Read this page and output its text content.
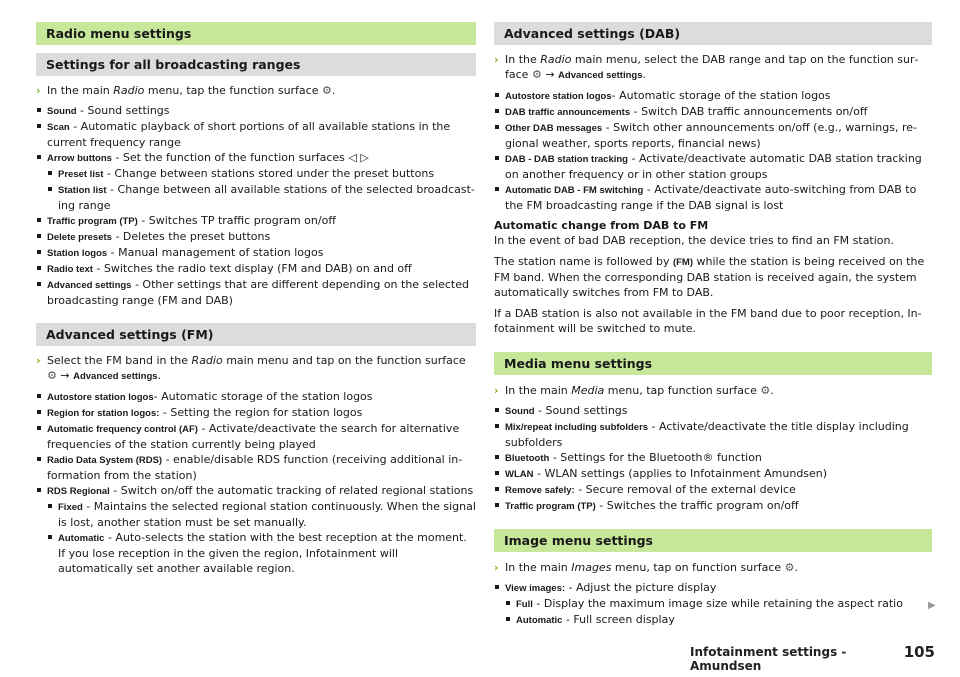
Radio menu settings
Settings for all broadcasting ranges
› In the main Radio menu, tap the function surface ⚙.
Sound - Sound settings
Scan - Automatic playback of short portions of all available stations in the current frequency range
Arrow buttons - Set the function of the function surfaces ◁ ▷
Preset list - Change between stations stored under the preset buttons
Station list - Change between all available stations of the selected broadcasting range
Traffic program (TP) - Switches TP traffic program on/off
Delete presets - Deletes the preset buttons
Station logos - Manual management of station logos
Radio text - Switches the radio text display (FM and DAB) on and off
Advanced settings - Other settings that are different depending on the selected broadcasting range (FM and DAB)
Advanced settings (FM)
› Select the FM band in the Radio main menu and tap on the function surface
⚙ → Advanced settings.
Autostore station logos- Automatic storage of the station logos
Region for station logos: - Setting the region for station logos
Automatic frequency control (AF) - Activate/deactivate the search for alternative frequencies of the station currently being played
Radio Data System (RDS) - enable/disable RDS function (receiving additional information from the station)
RDS Regional - Switch on/off the automatic tracking of related regional stations
Fixed - Maintains the selected regional station continuously. When the signal is lost, another station must be set manually.
Automatic - Auto-selects the station with the best reception at the moment. If you lose reception in the given the region, Infotainment will automatically set another available region.
Advanced settings (DAB)
› In the Radio main menu, select the DAB range and tap on the function surface ⚙ → Advanced settings.
Autostore station logos- Automatic storage of the station logos
DAB traffic announcements - Switch DAB traffic announcements on/off
Other DAB messages - Switch other announcements on/off (e.g., warnings, regional weather, sports reports, financial news)
DAB - DAB station tracking - Activate/deactivate automatic DAB station tracking on another frequency or in other station groups
Automatic DAB - FM switching - Activate/deactivate auto-switching from DAB to the FM broadcasting range if the DAB signal is lost

Automatic change from DAB to FM
In the event of bad DAB reception, the device tries to find an FM station.

The station name is followed by (FM) while the station is being received on the FM band. When the corresponding DAB station is received again, the system automatically switches from FM to DAB.

If a DAB station is also not available in the FM band due to poor reception, Infotainment will be switched to mute.

Media menu settings
› In the main Media menu, tap function surface ⚙.
Sound - Sound settings
Mix/repeat including subfolders - Activate/deactivate the title display including subfolders
Bluetooth - Settings for the Bluetooth® function
WLAN - WLAN settings (applies to Infotainment Amundsen)
Remove safely: - Secure removal of the external device
Traffic program (TP) - Switches the traffic program on/off
Image menu settings
› In the main Images menu, tap on function surface ⚙.
View images: - Adjust the picture display
Full - Display the maximum image size while retaining the aspect ratio
Automatic - Full screen display
▶
Infotainment settings - Amundsen
105
